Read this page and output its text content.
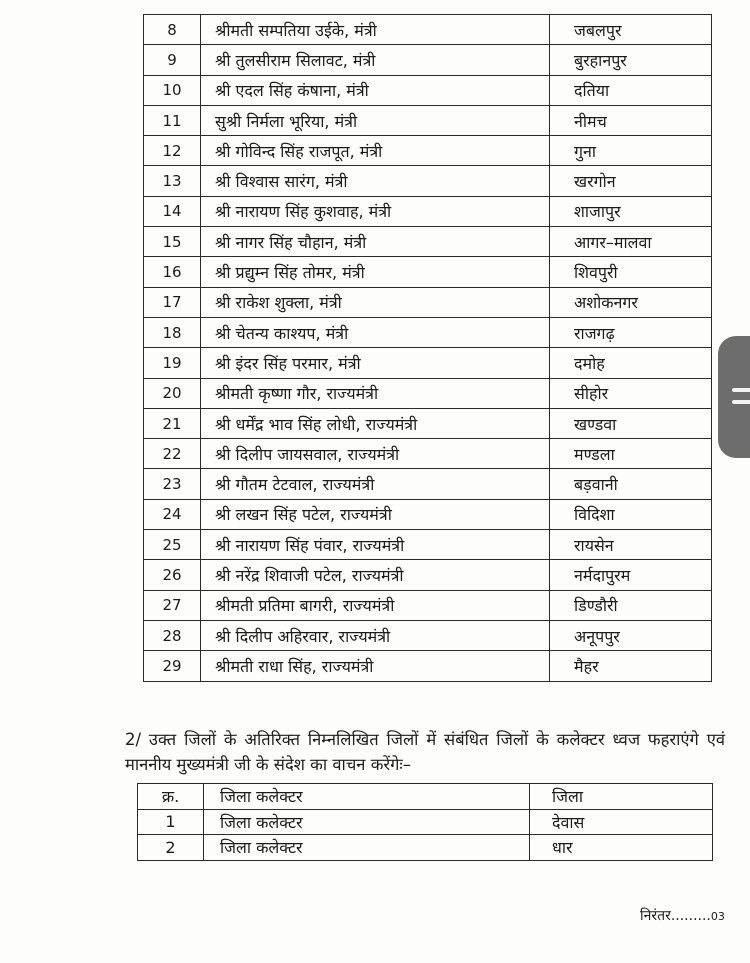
8	श्रीमती सम्पतिया उईके, मंत्री	जबलपुर
9	श्री तुलसीराम सिलावट, मंत्री	बुरहानपुर
10	श्री एदल सिंह कंषाना, मंत्री	दतिया
11	सुश्री निर्मला भूरिया, मंत्री	नीमच
12	श्री गोविन्द सिंह राजपूत, मंत्री	गुना
13	श्री विश्वास सारंग, मंत्री	खरगोन
14	श्री नारायण सिंह कुशवाह, मंत्री	शाजापुर
15	श्री नागर सिंह चौहान, मंत्री	आगर–मालवा
16	श्री प्रद्युम्न सिंह तोमर, मंत्री	शिवपुरी
17	श्री राकेश शुक्ला, मंत्री	अशोकनगर
18	श्री चेतन्य काश्यप, मंत्री	राजगढ़
19	श्री इंदर सिंह परमार, मंत्री	दमोह
20	श्रीमती कृष्णा गौर, राज्यमंत्री	सीहोर
21	श्री धर्मेंद्र भाव सिंह लोधी, राज्यमंत्री	खण्डवा
22	श्री दिलीप जायसवाल, राज्यमंत्री	मण्डला
23	श्री गौतम टेटवाल, राज्यमंत्री	बड़वानी
24	श्री लखन सिंह पटेल, राज्यमंत्री	विदिशा
25	श्री नारायण सिंह पंवार, राज्यमंत्री	रायसेन
26	श्री नरेंद्र शिवाजी पटेल, राज्यमंत्री	नर्मदापुरम
27	श्रीमती प्रतिमा बागरी, राज्यमंत्री	डिण्डौरी
28	श्री दिलीप अहिरवार, राज्यमंत्री	अनूपपुर
29	श्रीमती राधा सिंह, राज्यमंत्री	मैहर

2/ उक्त जिलों के अतिरिक्त निम्नलिखित जिलों में संबंधित जिलों के कलेक्टर ध्वज फहराएंगे एवं माननीय मुख्यमंत्री जी के संदेश का वाचन करेंगेः–

क्र.	जिला कलेक्टर	जिला
1	जिला कलेक्टर	देवास
2	जिला कलेक्टर	धार
निरंतर.........03
